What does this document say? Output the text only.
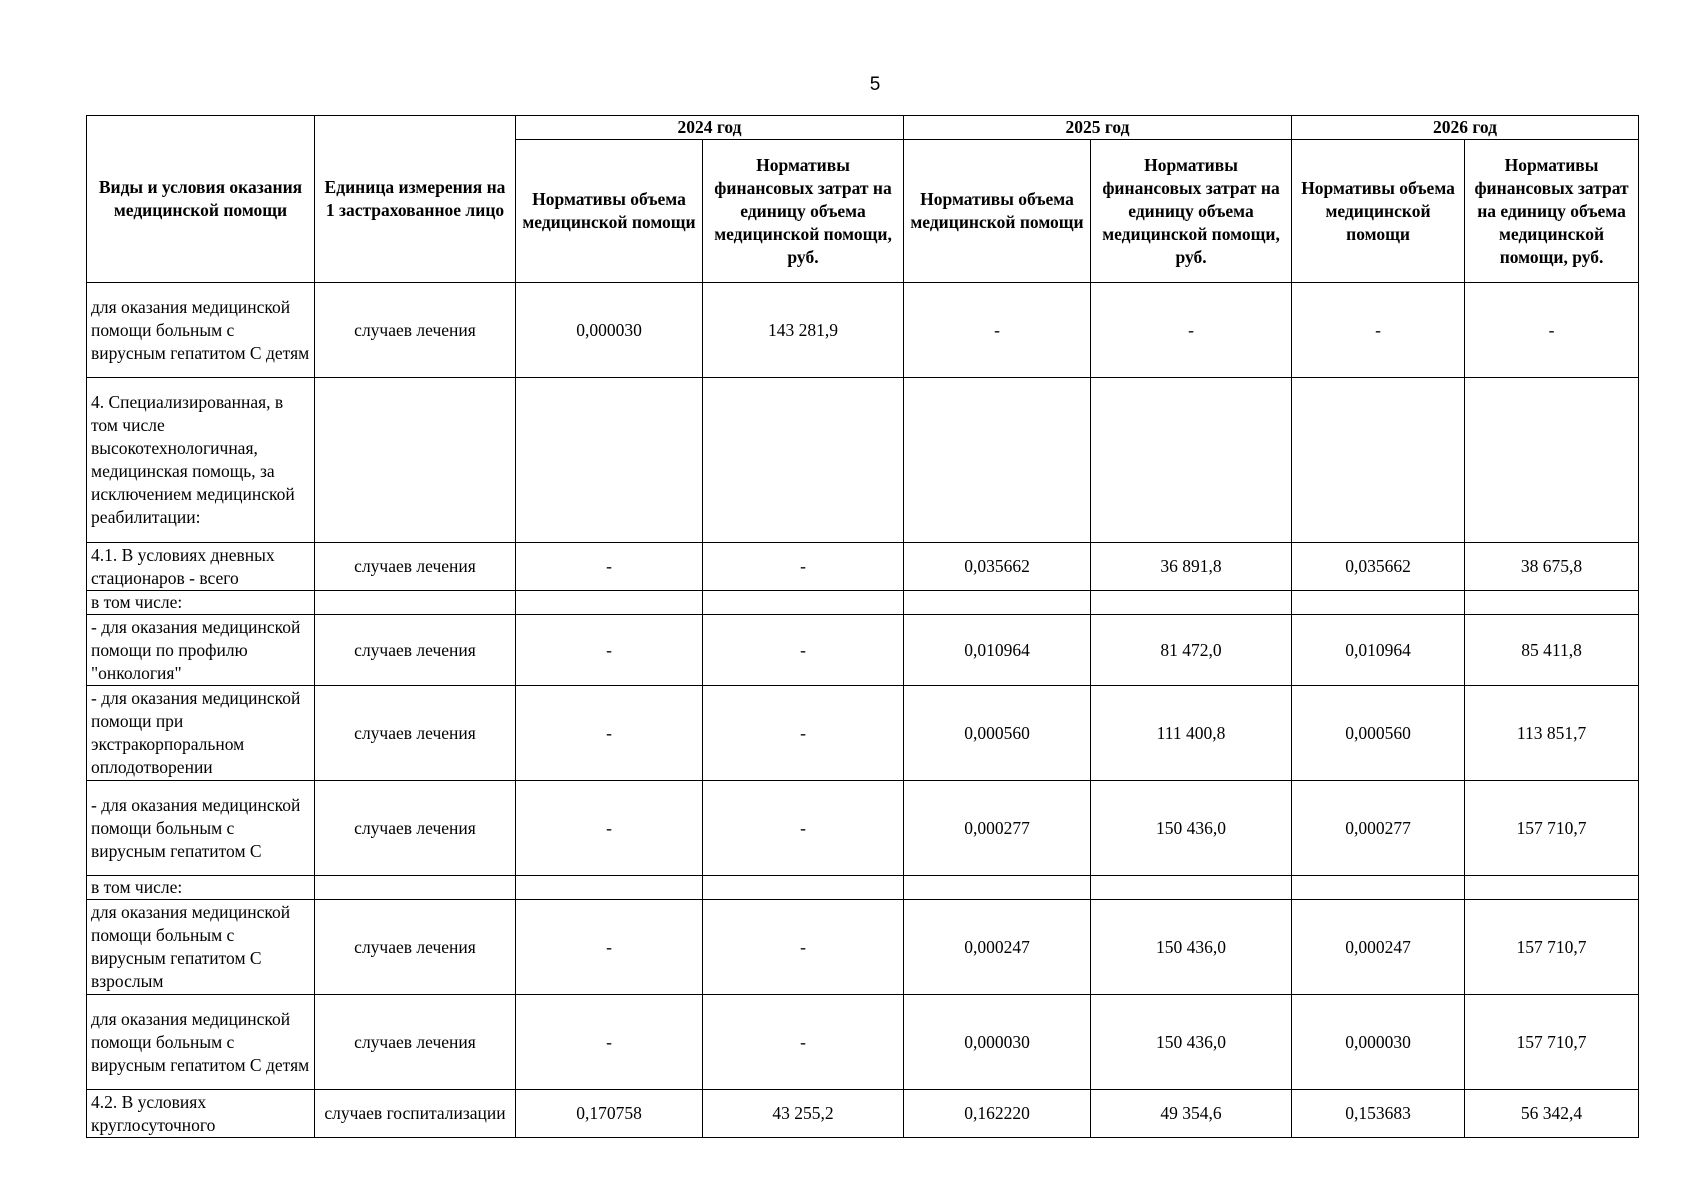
5
Виды и условия оказания медицинской помощи	Единица измерения на 1 застрахованное лицо	2024 год		2025 год		2026 год	
		Нормативы объема медицинской помощи	Нормативы финансовых затрат на единицу объема медицинской помощи, руб.	Нормативы объема медицинской помощи	Нормативы финансовых затрат на единицу объема медицинской помощи, руб.	Нормативы объема медицинской помощи	Нормативы финансовых затрат на единицу объема медицинской помощи, руб.
для оказания медицинской помощи больным с вирусным гепатитом С детям	случаев лечения	0,000030	143 281,9	-	-	-	-
4. Специализированная, в том числе высокотехнологичная, медицинская помощь, за исключением медицинской реабилитации:							
4.1. В условиях дневных стационаров - всего	случаев лечения	-	-	0,035662	36 891,8	0,035662	38 675,8
в том числе:							
- для оказания медицинской помощи по профилю "онкология"	случаев лечения	-	-	0,010964	81 472,0	0,010964	85 411,8
- для оказания медицинской помощи при экстракорпоральном оплодотворении	случаев лечения	-	-	0,000560	111 400,8	0,000560	113 851,7
- для оказания медицинской помощи больным с вирусным гепатитом С	случаев лечения	-	-	0,000277	150 436,0	0,000277	157 710,7
в том числе:							
для оказания медицинской помощи больным с вирусным гепатитом С взрослым	случаев лечения	-	-	0,000247	150 436,0	0,000247	157 710,7
для оказания медицинской помощи больным с вирусным гепатитом С детям	случаев лечения	-	-	0,000030	150 436,0	0,000030	157 710,7
4.2. В условиях круглосуточного	случаев госпитализации	0,170758	43 255,2	0,162220	49 354,6	0,153683	56 342,4
